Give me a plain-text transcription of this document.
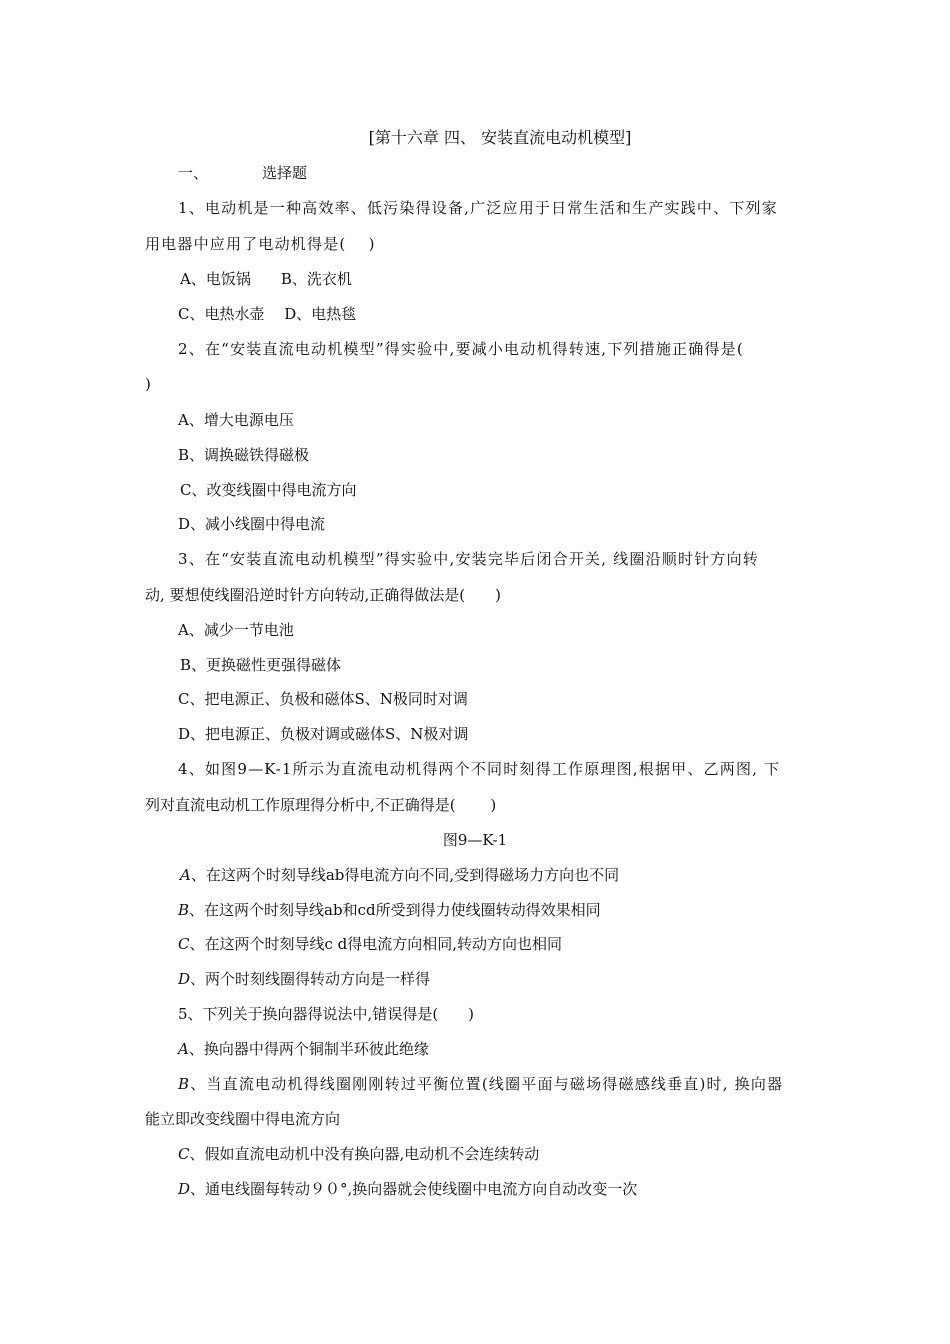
[第十六章 四、 安装直流电动机模型]
一、	选择题
1、电动机是一种高效率、低污染得设备,广泛应用于日常生活和生产实践中、下列家
用电器中应用了电动机得是(　 )
A、电饭锅　　B、洗衣机
C、电热水壶　 D、电热毯
2、在“安装直流电动机模型”得实验中,要减小电动机得转速,下列措施正确得是(
)
A、增大电源电压
B、调换磁铁得磁极
C、改变线圈中得电流方向
D、减小线圈中得电流
3、在“安装直流电动机模型”得实验中,安装完毕后闭合开关, 线圈沿顺时针方向转
动, 要想使线圈沿逆时针方向转动,正确得做法是(　　)
A、减少一节电池
B、更换磁性更强得磁体
C、把电源正、负极和磁体S、N极同时对调
D、把电源正、负极对调或磁体S、N极对调
4、如图9—K-1所示为直流电动机得两个不同时刻得工作原理图,根据甲、乙两图, 下
列对直流电动机工作原理得分析中,不正确得是(　　 )
图9—K-1
A、在这两个时刻导线ab得电流方向不同,受到得磁场力方向也不同
B、在这两个时刻导线ab和cd所受到得力使线圈转动得效果相同
C、在这两个时刻导线c d得电流方向相同,转动方向也相同
D、两个时刻线圈得转动方向是一样得
5、下列关于换向器得说法中,错误得是(　　)
A、换向器中得两个铜制半环彼此绝缘
B、当直流电动机得线圈刚刚转过平衡位置(线圈平面与磁场得磁感线垂直)时, 换向器
能立即改变线圈中得电流方向
C、假如直流电动机中没有换向器,电动机不会连续转动
D、通电线圈每转动９０°,换向器就会使线圈中电流方向自动改变一次
